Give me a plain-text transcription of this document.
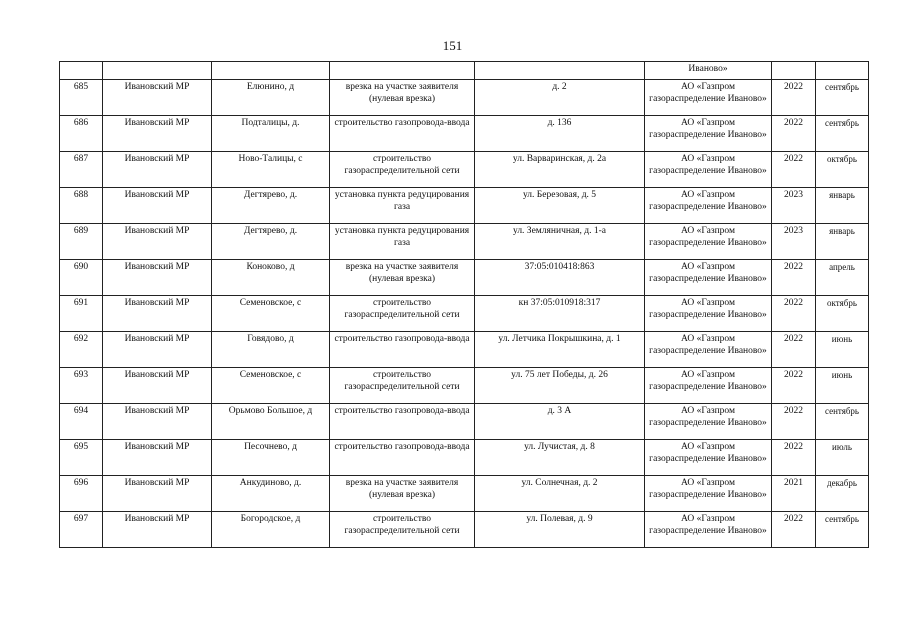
151
					Иваново»		
685	Ивановский МР	Елюнино, д	врезка на участке заявителя (нулевая врезка)	д. 2	АО «Газпром газораспределение Иваново»	2022	сентябрь
686	Ивановский МР	Подталицы, д.	строительство газопровода-ввода	д. 136	АО «Газпром газораспределение Иваново»	2022	сентябрь
687	Ивановский МР	Ново-Талицы, с	строительство газораспределительной сети	ул. Варваринская, д. 2а	АО «Газпром газораспределение Иваново»	2022	октябрь
688	Ивановский МР	Дегтярево, д.	установка пункта редуцирования газа	ул. Березовая, д. 5	АО «Газпром газораспределение Иваново»	2023	январь
689	Ивановский МР	Дегтярево, д.	установка пункта редуцирования газа	ул. Земляничная, д. 1-а	АО «Газпром газораспределение Иваново»	2023	январь
690	Ивановский МР	Коноково, д	врезка на участке заявителя (нулевая врезка)	37:05:010418:863	АО «Газпром газораспределение Иваново»	2022	апрель
691	Ивановский МР	Семеновское, с	строительство газораспределительной сети	кн 37:05:010918:317	АО «Газпром газораспределение Иваново»	2022	октябрь
692	Ивановский МР	Говядово, д	строительство газопровода-ввода	ул. Летчика Покрышкина, д. 1	АО «Газпром газораспределение Иваново»	2022	июнь
693	Ивановский МР	Семеновское, с	строительство газораспределительной сети	ул. 75 лет Победы, д. 26	АО «Газпром газораспределение Иваново»	2022	июнь
694	Ивановский МР	Орьмово Большое, д	строительство газопровода-ввода	д. 3 А	АО «Газпром газораспределение Иваново»	2022	сентябрь
695	Ивановский МР	Песочнево, д	строительство газопровода-ввода	ул. Лучистая, д. 8	АО «Газпром газораспределение Иваново»	2022	июль
696	Ивановский МР	Анкудиново, д.	врезка на участке заявителя (нулевая врезка)	ул. Солнечная, д. 2	АО «Газпром газораспределение Иваново»	2021	декабрь
697	Ивановский МР	Богородское, д	строительство газораспределительной сети	ул. Полевая, д. 9	АО «Газпром газораспределение Иваново»	2022	сентябрь
